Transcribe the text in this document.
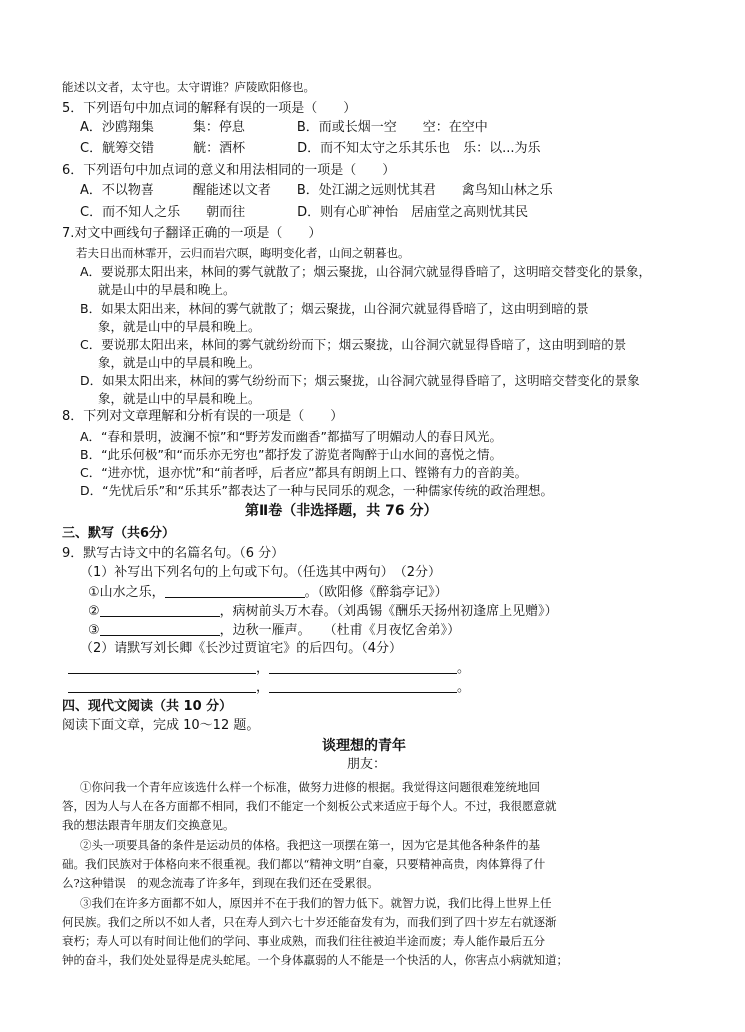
能述以文者，太守也。太守谓谁？庐陵欧阳修也。
5．下列语句中加点词的解释有误的一项是（　　）
A．沙鸥翔集　　　集：停息　　　　B．而或长烟一空　　空：在空中
C．觥筹交错　　　觥：酒杯　　　　D．而不知太守之乐其乐也　乐：以...为乐
6．下列语句中加点词的意义和用法相同的一项是（　　）
A．不以物喜　　　醒能述以文者　　B．处江湖之远则忧其君　　禽鸟知山林之乐
C．而不知人之乐　　朝而往　　　　D．则有心旷神怡　居庙堂之高则忧其民
7.对文中画线句子翻译正确的一项是（　　）
若夫日出而林霏开，云归而岩穴暝，晦明变化者，山间之朝暮也。
A．要说那太阳出来，林间的雾气就散了；烟云聚拢，山谷洞穴就显得昏暗了，这明暗交替变化的景象，
就是山中的早晨和晚上。
B．如果太阳出来，林间的雾气就散了；烟云聚拢，山谷洞穴就显得昏暗了，这由明到暗的景
象，就是山中的早晨和晚上。
C．要说那太阳出来，林间的雾气就纷纷而下；烟云聚拢，山谷洞穴就显得昏暗了，这由明到暗的景
象，就是山中的早晨和晚上。
D．如果太阳出来，林间的雾气纷纷而下；烟云聚拢，山谷洞穴就显得昏暗了，这明暗交替变化的景象
象，就是山中的早晨和晚上。
8．下列对文章理解和分析有误的一项是（　　）
A．“春和景明，波澜不惊”和“野芳发而幽香”都描写了明媚动人的春日风光。
B．“此乐何极”和“而乐亦无穷也”都抒发了游览者陶醉于山水间的喜悦之情。
C．“进亦忧，退亦忧”和“前者呼，后者应”都具有朗朗上口、铿锵有力的音韵美。
D．“先忧后乐”和“乐其乐”都表达了一种与民同乐的观念，一种儒家传统的政治理想。
第Ⅱ卷（非选择题，共 76 分）
三、默写（共6分）
9．默写古诗文中的名篇名句。（6 分）
（1）补写出下列名句的上句或下句。（任选其中两句）　（2分）
①山水之乐，	。（欧阳修《醉翁亭记》）
②	，病树前头万木春。（刘禹锡《酬乐天扬州初逢席上见赠》）
③	，边秋一雁声。　　（杜甫《月夜忆舍弟》）
（2）请默写刘长卿《长沙过贾谊宅》的后四句。（4分）
，	。
，	。
四、现代文阅读（共 10 分）
阅读下面文章，完成 10～12 题。
谈理想的青年
朋友：
①你问我一个青年应该选什么样一个标准，做努力进修的根据。我觉得这问题很难笼统地回
答，因为人与人在各方面都不相同，我们不能定一个刻板公式来适应于每个人。不过，我很愿意就
我的想法跟青年朋友们交换意见。
②头一项要具备的条件是运动员的体格。我把这一项摆在第一，因为它是其他各种条件的基
础。我们民族对于体格向来不很重视。我们都以“精神文明”自豪，只要精神高贵，肉体算得了什
么?这种错误　的观念流毒了许多年，到现在我们还在受累很。
③我们在许多方面都不如人，原因并不在于我们的智力低下。就智力说，我们比得上世界上任
何民族。我们之所以不如人者，只在寿人到六七十岁还能奋发有为，而我们到了四十岁左右就逐渐
衰朽；寿人可以有时间让他们的学问、事业成熟，而我们往往被迫半途而废；寿人能作最后五分
钟的奋斗，我们处处显得是虎头蛇尾。一个身体羸弱的人不能是一个快活的人，你害点小病就知道；
